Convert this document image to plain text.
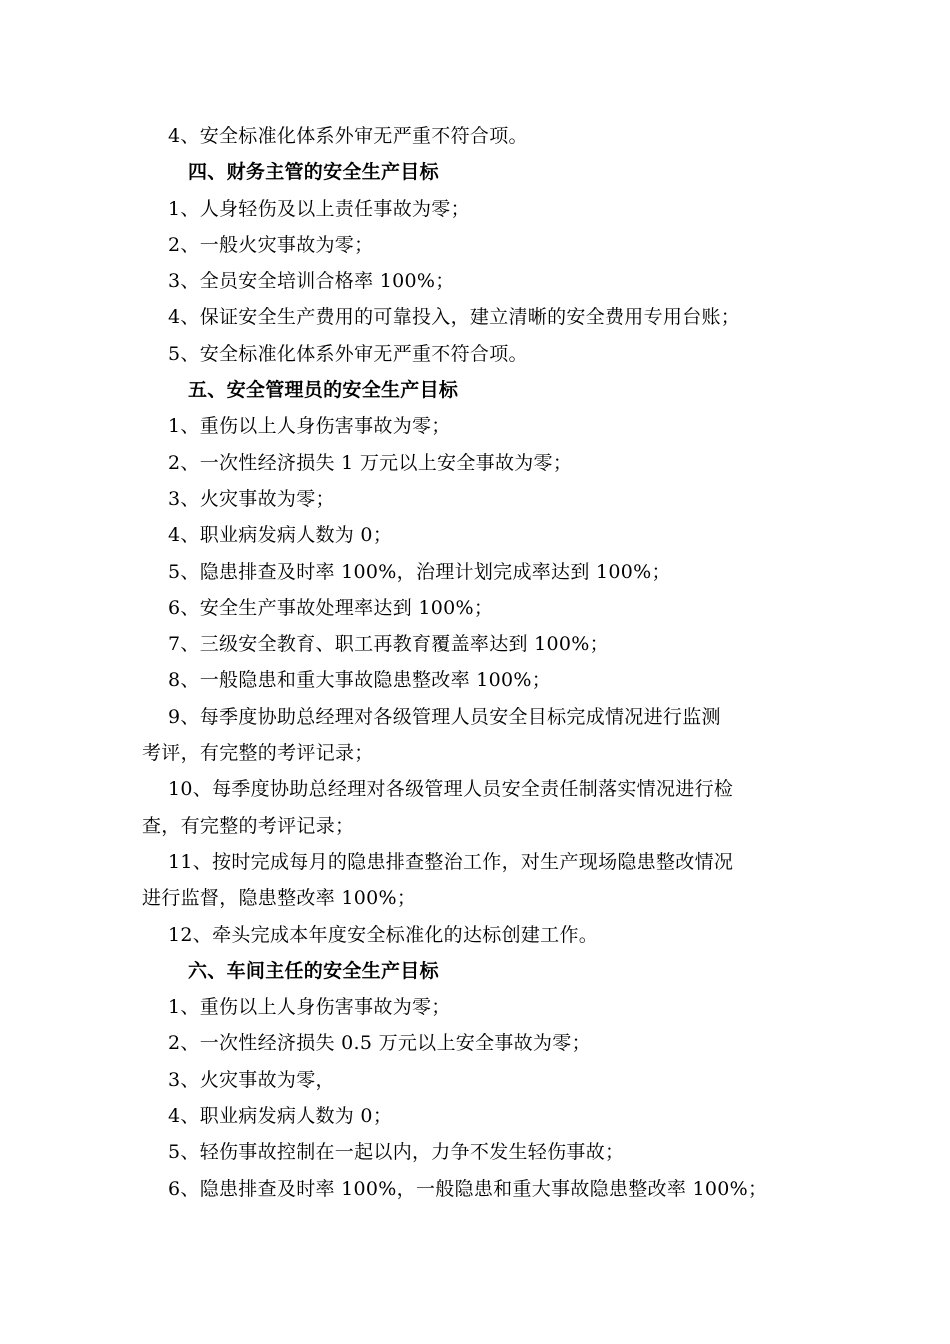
4、安全标准化体系外审无严重不符合项。
四、财务主管的安全生产目标
1、人身轻伤及以上责任事故为零；
2、一般火灾事故为零；
3、全员安全培训合格率 100%；
4、保证安全生产费用的可靠投入，建立清晰的安全费用专用台账；
5、安全标准化体系外审无严重不符合项。
五、安全管理员的安全生产目标
1、重伤以上人身伤害事故为零；
2、一次性经济损失 1 万元以上安全事故为零；
3、火灾事故为零；
4、职业病发病人数为 0；
5、隐患排查及时率 100%，治理计划完成率达到 100%；
6、安全生产事故处理率达到 100%；
7、三级安全教育、职工再教育覆盖率达到 100%；
8、一般隐患和重大事故隐患整改率 100%；
9、每季度协助总经理对各级管理人员安全目标完成情况进行监测
考评，有完整的考评记录；
10、每季度协助总经理对各级管理人员安全责任制落实情况进行检
查，有完整的考评记录；
11、按时完成每月的隐患排查整治工作，对生产现场隐患整改情况
进行监督，隐患整改率 100%；
12、牵头完成本年度安全标准化的达标创建工作。
六、车间主任的安全生产目标
1、重伤以上人身伤害事故为零；
2、一次性经济损失 0.5 万元以上安全事故为零；
3、火灾事故为零，
4、职业病发病人数为 0；
5、轻伤事故控制在一起以内，力争不发生轻伤事故；
6、隐患排查及时率 100%，一般隐患和重大事故隐患整改率 100%；
